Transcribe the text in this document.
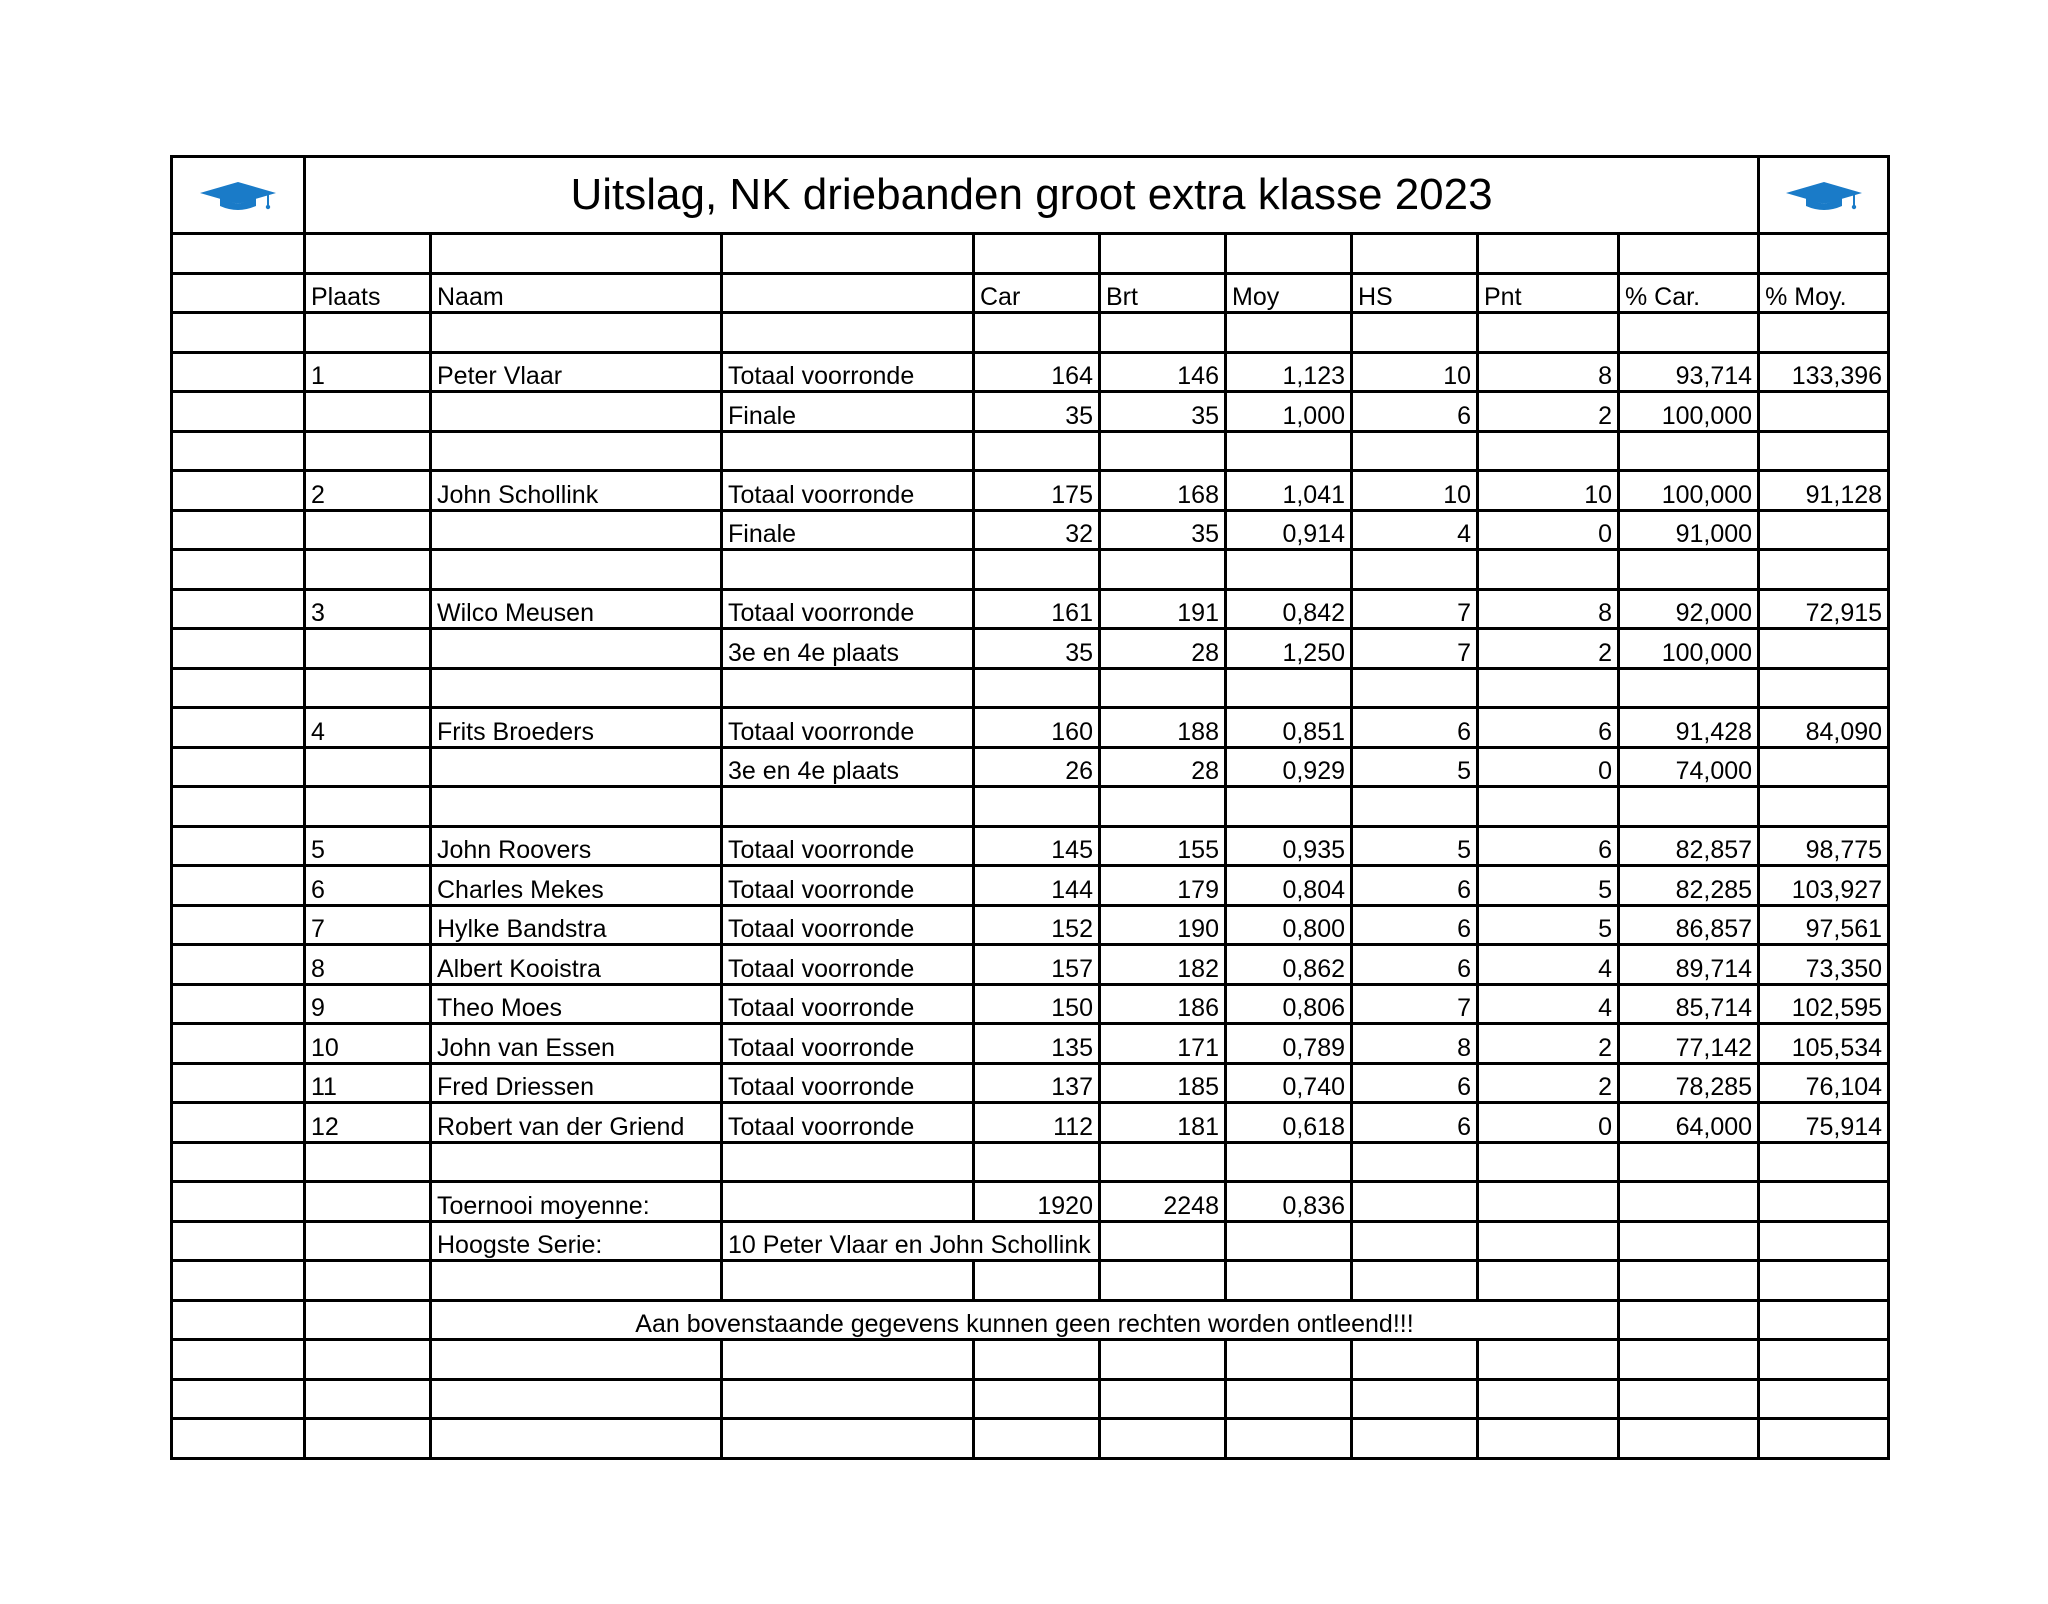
	Uitslag, NK driebanden groot extra klasse 2023	

	Plaats	Naam		Car	Brt	Moy	HS	Pnt	% Car.	% Moy.

	1	Peter Vlaar	Totaal voorronde	164	146	1,123	10	8	93,714	133,396
			Finale	35	35	1,000	6	2	100,000	

	2	John Schollink	Totaal voorronde	175	168	1,041	10	10	100,000	91,128
			Finale	32	35	0,914	4	0	91,000	

	3	Wilco Meusen	Totaal voorronde	161	191	0,842	7	8	92,000	72,915
			3e en 4e plaats	35	28	1,250	7	2	100,000	

	4	Frits Broeders	Totaal voorronde	160	188	0,851	6	6	91,428	84,090
			3e en 4e plaats	26	28	0,929	5	0	74,000	

	5	John Roovers	Totaal voorronde	145	155	0,935	5	6	82,857	98,775
	6	Charles Mekes	Totaal voorronde	144	179	0,804	6	5	82,285	103,927
	7	Hylke Bandstra	Totaal voorronde	152	190	0,800	6	5	86,857	97,561
	8	Albert Kooistra	Totaal voorronde	157	182	0,862	6	4	89,714	73,350
	9	Theo Moes	Totaal voorronde	150	186	0,806	7	4	85,714	102,595
	10	John van Essen	Totaal voorronde	135	171	0,789	8	2	77,142	105,534
	11	Fred Driessen	Totaal voorronde	137	185	0,740	6	2	78,285	76,104
	12	Robert van der Griend	Totaal voorronde	112	181	0,618	6	0	64,000	75,914

		Toernooi moyenne:		1920	2248	0,836				
		Hoogste Serie:	10 Peter Vlaar en John Schollink							

		Aan bovenstaande gegevens kunnen geen rechten worden ontleend!!!								
